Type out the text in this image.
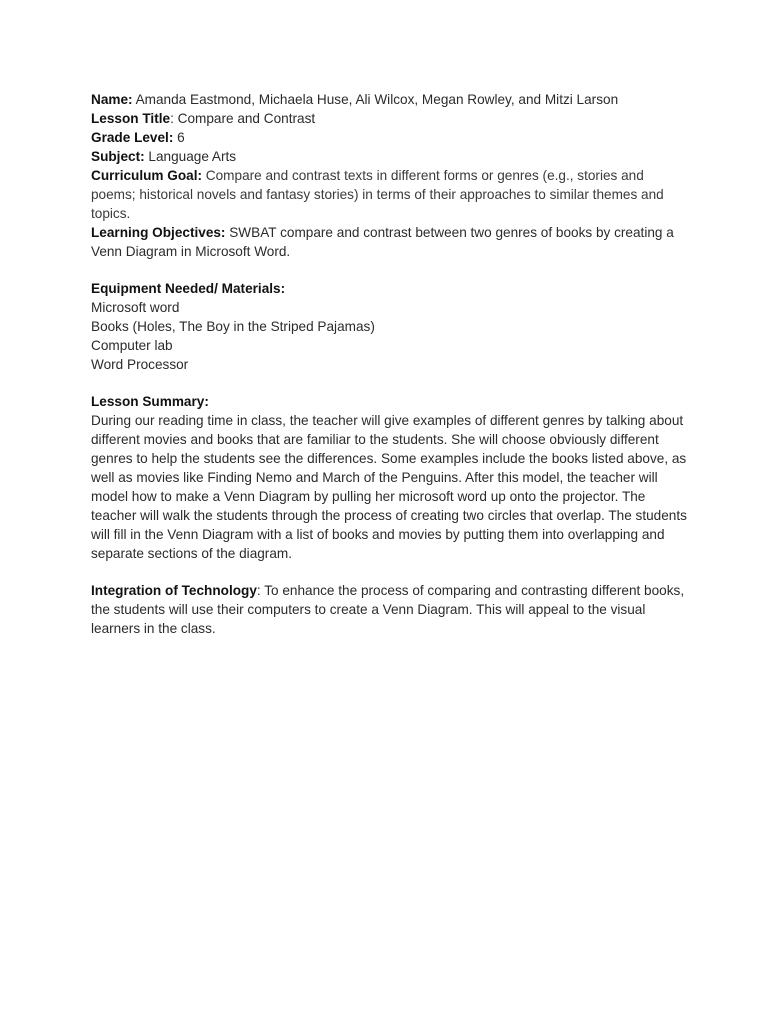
Name: Amanda Eastmond, Michaela Huse, Ali Wilcox, Megan Rowley, and Mitzi Larson

Lesson Title: Compare and Contrast

Grade Level: 6

Subject: Language Arts

Curriculum Goal: Compare and contrast texts in different forms or genres (e.g., stories and poems; historical novels and fantasy stories) in terms of their approaches to similar themes and topics.

Learning Objectives: SWBAT compare and contrast between two genres of books by creating a Venn Diagram in Microsoft Word.

Equipment Needed/ Materials:

Microsoft word

Books (Holes, The Boy in the Striped Pajamas)

Computer lab

Word Processor

Lesson Summary:

During our reading time in class, the teacher will give examples of different genres by talking about different movies and books that are familiar to the students. She will choose obviously different genres to help the students see the differences. Some examples include the books listed above, as well as movies like Finding Nemo and March of the Penguins. After this model, the teacher will model how to make a Venn Diagram by pulling her microsoft word up onto the projector. The teacher will walk the students through the process of creating two circles that overlap. The students will fill in the Venn Diagram with a list of books and movies by putting them into overlapping and separate sections of the diagram.

Integration of Technology: To enhance the process of comparing and contrasting different books, the students will use their computers to create a Venn Diagram. This will appeal to the visual learners in the class.
